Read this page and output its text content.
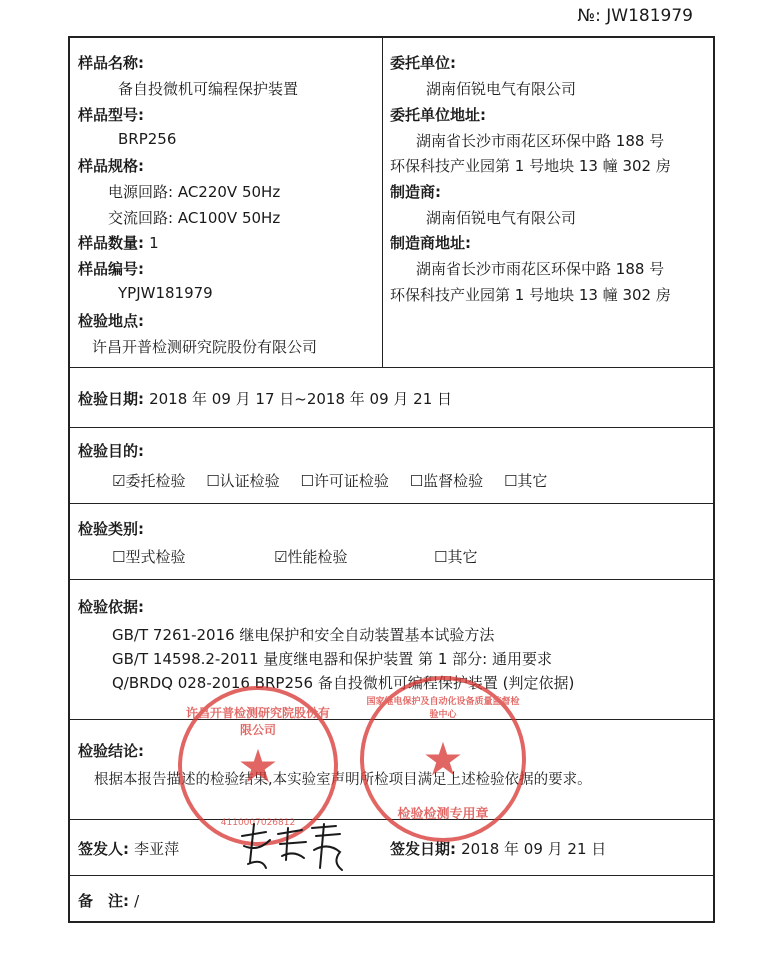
№: JW181979
样品名称:
备自投微机可编程保护装置
样品型号:
BRP256
样品规格:
电源回路: AC220V 50Hz
交流回路: AC100V 50Hz
样品数量: 1
样品编号:
YPJW181979
检验地点:
许昌开普检测研究院股份有限公司
委托单位:
湖南佰锐电气有限公司
委托单位地址:
湖南省长沙市雨花区环保中路 188 号
环保科技产业园第 1 号地块 13 幢 302 房
制造商:
湖南佰锐电气有限公司
制造商地址:
湖南省长沙市雨花区环保中路 188 号
环保科技产业园第 1 号地块 13 幢 302 房
检验日期: 2018 年 09 月 17 日~2018 年 09 月 21 日
检验目的:
☑委托检验 ☐认证检验 ☐许可证检验 ☐监督检验 ☐其它
检验类别:
☐型式检验	☑性能检验	☐其它
检验依据:
GB/T 7261-2016 继电保护和安全自动装置基本试验方法
GB/T 14598.2-2011 量度继电器和保护装置 第 1 部分: 通用要求
Q/BRDQ 028-2016 BRP256 备自投微机可编程保护装置 (判定依据)
检验结论:
根据本报告描述的检验结果,本实验室声明所检项目满足上述检验依据的要求。
签发人: 李亚萍	签发日期: 2018 年 09 月 21 日
备　注: /
许昌开普检测研究院股份有限公司
★
4110007026812
国家继电保护及自动化设备质量监督检验中心
★
检验检测专用章
